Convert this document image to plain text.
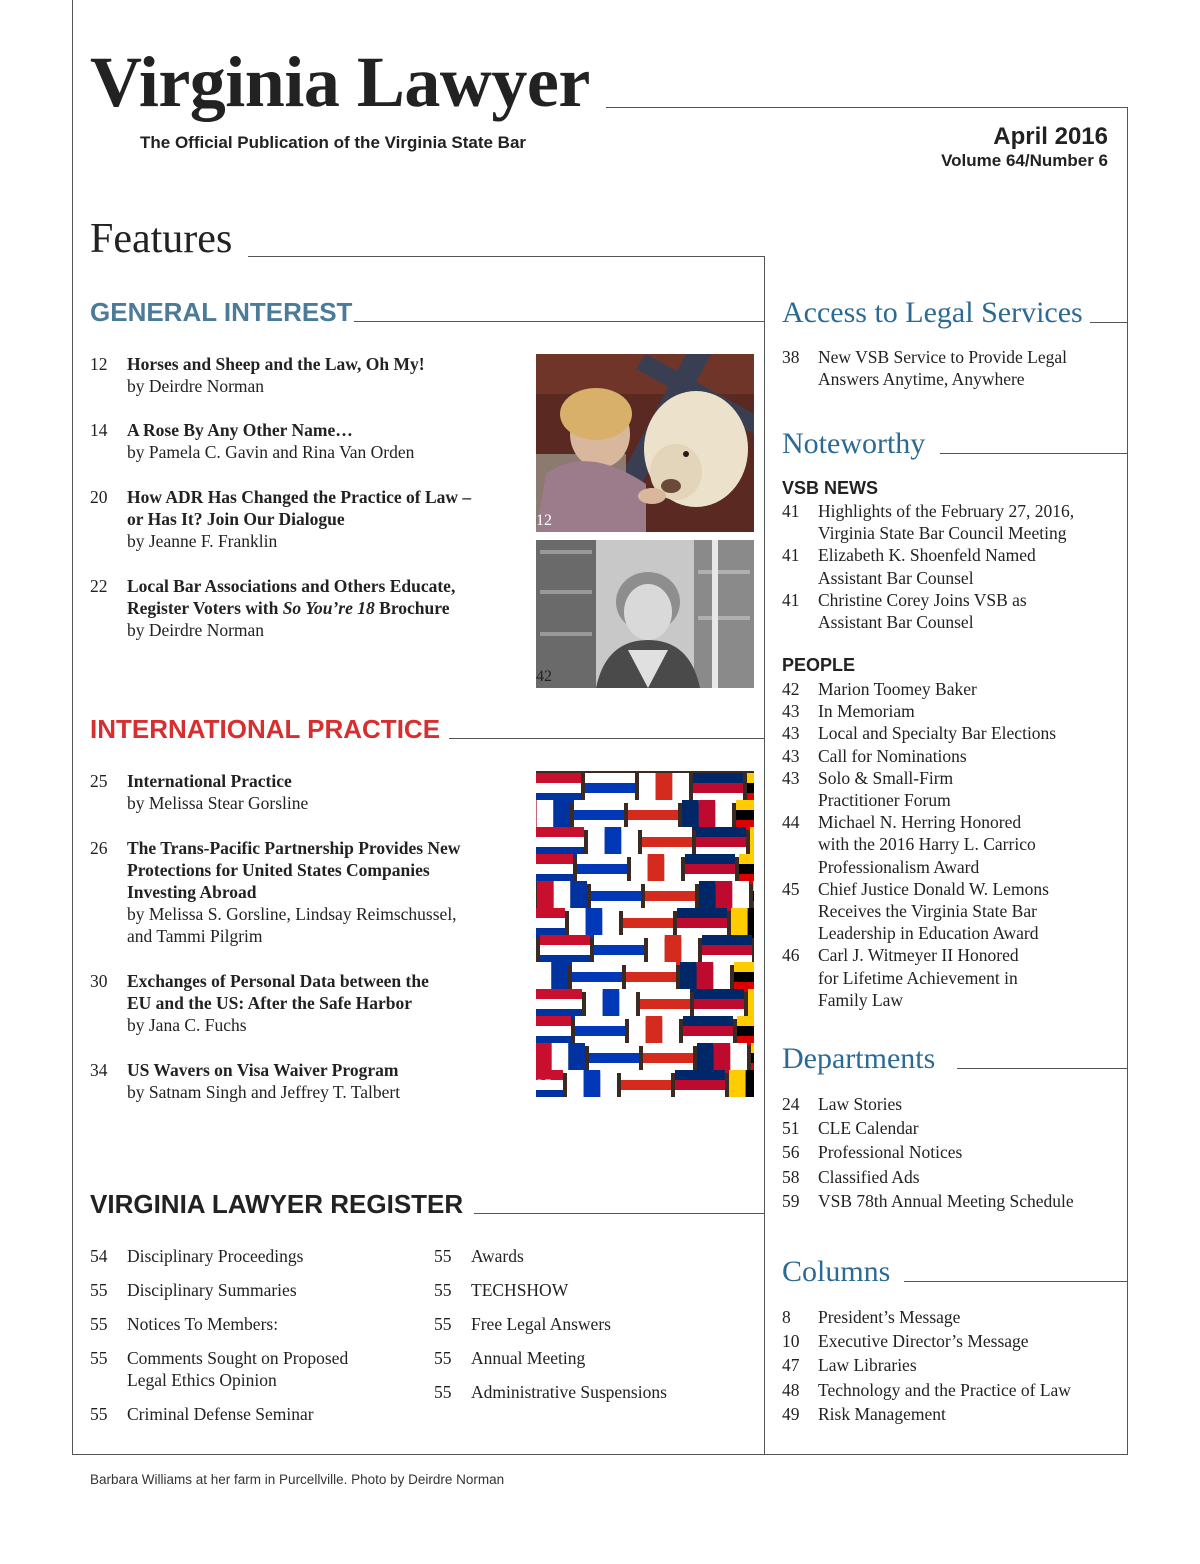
Virginia Lawyer
The Official Publication of the Virginia State Bar	April 2016
Volume 64/Number 6
Features
GENERAL INTEREST
12	Horses and Sheep and the Law, Oh My!
by Deirdre Norman
14	A Rose By Any Other Name…
by Pamela C. Gavin and Rina Van Orden
20	How ADR Has Changed the Practice of Law –
or Has It? Join Our Dialogue
by Jeanne F. Franklin
22	Local Bar Associations and Others Educate,
Register Voters with So You’re 18 Brochure
by Deirdre Norman
12
42
INTERNATIONAL PRACTICE
25	International Practice
by Melissa Stear Gorsline
26	The Trans-Pacific Partnership Provides New
Protections for United States Companies
Investing Abroad
by Melissa S. Gorsline, Lindsay Reimschussel,
and Tammi Pilgrim
30	Exchanges of Personal Data between the
EU and the US: After the Safe Harbor
by Jana C. Fuchs
34	US Wavers on Visa Waiver Program
by Satnam Singh and Jeffrey T. Talbert	25
VIRGINIA LAWYER REGISTER
54 Disciplinary Proceedings
55 Disciplinary Summaries
55 Notices To Members:
55 Comments Sought on Proposed
Legal Ethics Opinion
55 Criminal Defense Seminar
55 Awards
55 TECHSHOW
55 Free Legal Answers
55 Annual Meeting
55 Administrative Suspensions
Access to Legal Services
38 New VSB Service to Provide Legal
Answers Anytime, Anywhere
Noteworthy
VSB NEWS
41 Highlights of the February 27, 2016,
Virginia State Bar Council Meeting
41 Elizabeth K. Shoenfeld Named
Assistant Bar Counsel
41 Christine Corey Joins VSB as
Assistant Bar Counsel
PEOPLE
42 Marion Toomey Baker
43 In Memoriam
43 Local and Specialty Bar Elections
43 Call for Nominations
43 Solo & Small-Firm
Practitioner Forum
44 Michael N. Herring Honored
with the 2016 Harry L. Carrico
Professionalism Award
45 Chief Justice Donald W. Lemons
Receives the Virginia State Bar
Leadership in Education Award
46 Carl J. Witmeyer II Honored
for Lifetime Achievement in
Family Law
Departments
24 Law Stories
51 CLE Calendar
56 Professional Notices
58 Classified Ads
59 VSB 78th Annual Meeting Schedule
Columns
8 President’s Message
10 Executive Director’s Message
47 Law Libraries
48 Technology and the Practice of Law
49 Risk Management
Barbara Williams at her farm in Purcellville. Photo by Deirdre Norman
